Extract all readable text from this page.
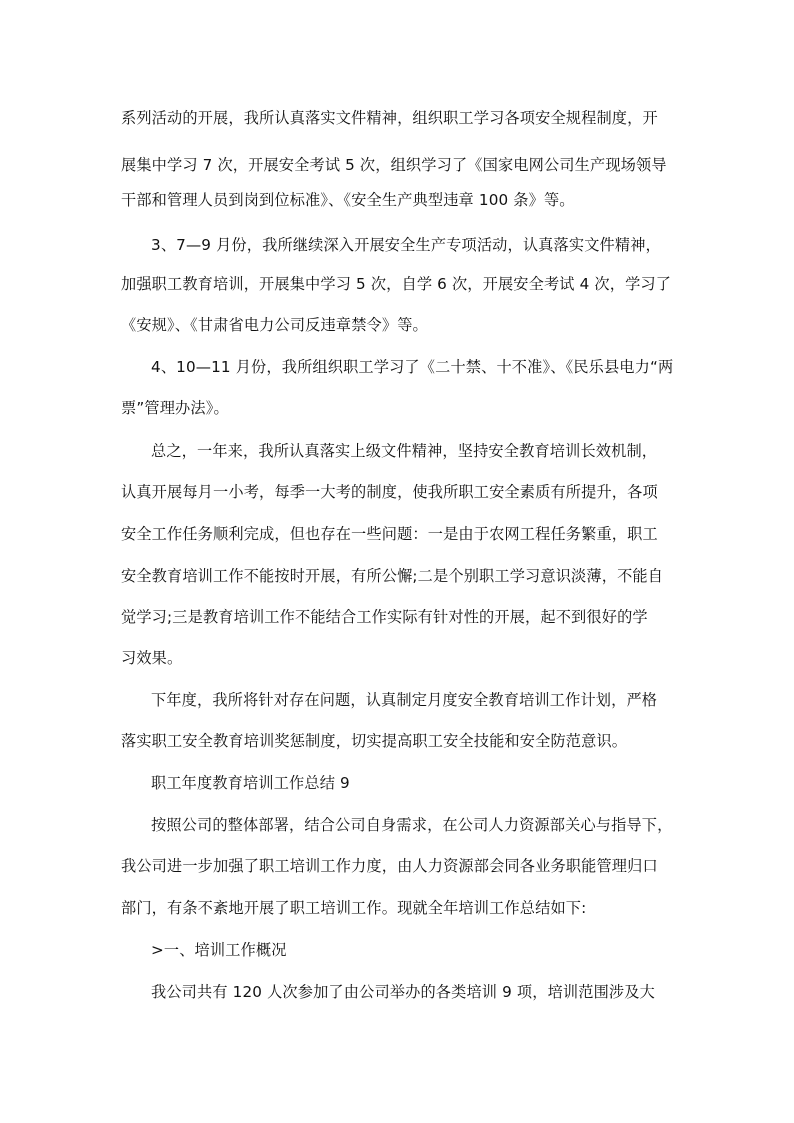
系列活动的开展，我所认真落实文件精神，组织职工学习各项安全规程制度，开
展集中学习 7 次，开展安全考试 5 次，组织学习了《国家电网公司生产现场领导
干部和管理人员到岗到位标准》、《安全生产典型违章 100 条》等。
3、7—9 月份，我所继续深入开展安全生产专项活动，认真落实文件精神，
加强职工教育培训，开展集中学习 5 次，自学 6 次，开展安全考试 4 次，学习了
《安规》、《甘肃省电力公司反违章禁令》等。
4、10—11 月份，我所组织职工学习了《二十禁、十不准》、《民乐县电力“两
票”管理办法》。
总之，一年来，我所认真落实上级文件精神，坚持安全教育培训长效机制，
认真开展每月一小考，每季一大考的制度，使我所职工安全素质有所提升，各项
安全工作任务顺利完成，但也存在一些问题：一是由于农网工程任务繁重，职工
安全教育培训工作不能按时开展，有所公懈;二是个别职工学习意识淡薄，不能自
觉学习;三是教育培训工作不能结合工作实际有针对性的开展，起不到很好的学
习效果。
下年度，我所将针对存在问题，认真制定月度安全教育培训工作计划，严格
落实职工安全教育培训奖惩制度，切实提高职工安全技能和安全防范意识。
职工年度教育培训工作总结 9
按照公司的整体部署，结合公司自身需求，在公司人力资源部关心与指导下，
我公司进一步加强了职工培训工作力度，由人力资源部会同各业务职能管理归口
部门，有条不紊地开展了职工培训工作。现就全年培训工作总结如下:
>一、培训工作概况
我公司共有 120 人次参加了由公司举办的各类培训 9 项，培训范围涉及大
